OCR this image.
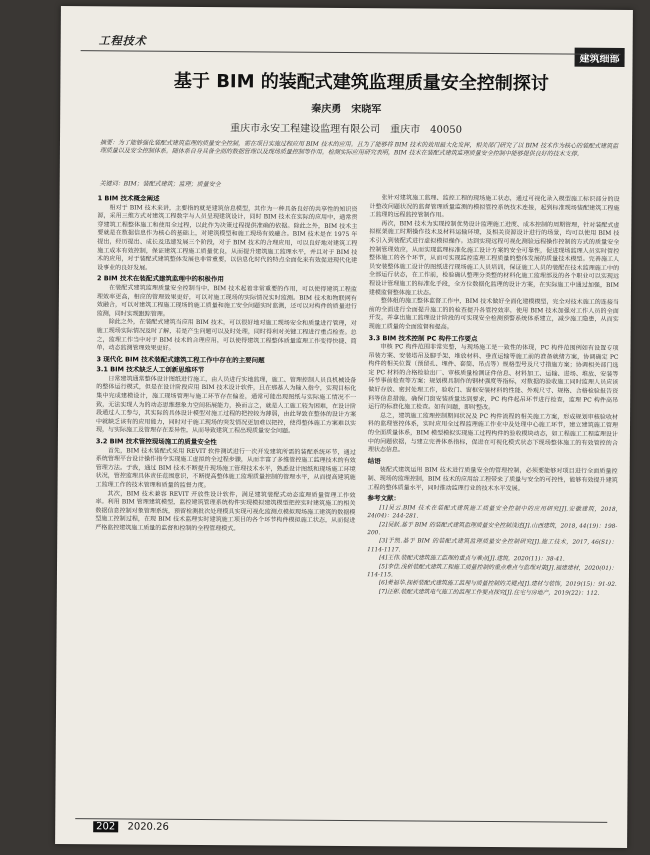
工程技术
建筑细部
基于 BIM 的装配式建筑监理质量安全控制探讨
秦庆勇　宋晓军
重庆市永安工程建设监理有限公司　重庆市　40050
摘要：为了能够强化装配式建筑监理的质量安全控制，需在项目实施过程应用 BIM 技术的应用。且为了能够将 BIM 技术的效用最大化发挥，相关部门研究了以 BIM 技术作为核心的装配式建筑监理质量以及安全控制体系。随体系自身具备全面的数据管理以及现场质量控制等作用。检测实际应用研究表明，BIM 技术在装配式建筑监理质量安全控制中能够提供良好的技术支撑。
关键词：BIM；装配式建筑；监理；质量安全
1 BIM 技术概念阐述

相对于 BIM 技术来讲，主要指的就是建筑信息模型，其作为一种具备良好的共享性的知识资源，采用三维方式对建筑工程数字与人员呈现建筑设计，同时 BIM 技术在实际的应用中，通常贯穿建筑工程整体施工和使用全过程，以此作为决策过程提供准确的依据。除此之外，BIM 技术主要就是在数据信息作为核心的基础上，对建筑模型和施工现场有效融合。BIM 技术是在 1975 年提出，经历提出、成长及迅速发展三个阶段，对于 BIM 技术的合理应用，可以良好地对建筑工程施工成本有效控制，保证建筑工程施工质量优良，从而提升建筑施工监理水平，并且对于 BIM 技术的应用，对于装配式建筑整体发展也非常重要，以信息化时代的特点全面化来有效促进现代化建设事业的良好发展。

2 BIM 技术在装配式建筑监理中的积极作用

在装配式建筑监理质量安全控制当中，BIM 技术起着非常重要的作用，可以使得建筑工程监理效率更高，相应的管理效果更好，可以对施工现场的实际情况实时监测。BIM 技术和物联网有效融合，可以对建筑工程施工现场的施工质量和施工安全问题实时监测，还可以对构件的质量进行监测，同时实现跟踪管理。

除此之外，在装配式建筑当应用 BIM 技术，可以很好地对施工现场安全和质量进行管理，对施工现场实际情况及时了解，若是产生问题可以及时处理，同时得利对关键工程进行重点检查。总之，监理工作当中对于 BIM 技术的合理应用，可以使得建筑工程整体质量监理工作变得快捷、简单，动态监测管理效果更好。

3 现代化 BIM 技术装配式建筑工程工作中存在的主要问题
3.1 BIM 技术缺乏人工创新思维环节

日常建筑通常整体设计图纸进行施工，由人员进行实地监理，施工、管理控制人员良机械设备的整体运行模式，但是在设计阶段应用 BIM 技术设计软件，且在那基人为输入指令，实现目标化集中完成建模设计，施工现场管理与施工环节存在偏差，通常可能出现图纸与实际施工情况不一致，无法实现人为的动态思维想象力空间拓展能力，换而言之，就是人工施工较为困难，在设计阶段通过人工参与，其实际的具体设计模型对施工过程的把控较为薄弱，由此导致在整体的设计方案中就缺乏该有的应用能力，同时对于施工现场的突发情况更加难以把控，使得整体施工方案难以实现，与实际施工及管理存在差异性，从而导致建筑工程出现质量安全问题。

3.2 BIM 技术管控现场施工的质量安全性

首先，BIM 技术装配式采用 REVIT 软件测试进行一次开发建筑所需的装配系统环节，通过系统管理平台设计操作指令实现施工虚拟的全过程步骤，从而丰富了多维管控施工监理技术的有效管理方法。于我，通过 BIM 技术不断提升现场施工管理技术水平，熟悉设计图纸和现场施工环境状况，管控监理具体责任范围意识，不断提高整体施工监理质量控制的管理水平，从而提高建筑施工监理工作的技术管理和质量的监督力度。

其次，BIM 技术兼容 REVIT 开放性设计软件，满足建筑装配式动态监理质量管理工作效率。利用 BIM 管理建筑模型，监控建筑管理系统构件实现模拟建筑模型把控实时建筑施工的相关数据信息控制对象管理系统，预留检测批次处理模具实现可视化监测点模拟现场施工建筑的数据模型施工控制过程，在现 BIM 技术监理实时建筑施工项目的各个环节构件模拟施工状态，从而促进严格监控建筑施工质量的监督和控制的全程管理模式。

张针对建筑施工监理、监控工程的现场施工状态，通过可视化录入模型施工标识部分的设计整改问题状况的监督管理质量监测的模拟管控系统技术连接，起到标准现场装配建筑工程施工监理的远程监控管制作用。

再次，BIM 技术为实现控制优势设计监理施工进度、成本控制的周期管理，针对装配式虚拟框架施工时期操作技术及材料运输环境，及相关资源设计进行的场景，均可以使用 BIM 技术引入到装配式进行虚拟模拟操作。达到实现远程可视化测验远程操作控制的方式的质量安全控制管理效应，从而实现监理标准化施工设计方案的安全可靠性，促进现场监理人员实时管控整体施工的各个环节，从而可实现监控监理工程质量的整体发展的质量技术模型。完善施工人员安装整体施工设计的图纸进行现场施工人员培训，保证施工人员的装配在技术监理施工中的全部运行状态，在工作前，检验确认整理分类整的材料化施工监理部及的各个职业可以实现远程设计管理施工的标准化手段，全方位数据化监理的设计方案，在实际施工中通过加强，BIM 建模监督整体施工状态。

整体组的施工整体监督工作中，BIM 技术做好全面化建模模型，完全对技术施工的连接当前的全面进行全面提升施工的的检查提升各管控效率，使用 BIM 技术加强对工作人员的全面开发，并拿出施工监理设计阶段的可实现安全检测预警系统体系建立，减少施工隐患，从而实现施工质量的全面监督和提高。

3.3 BIM 技术控制 PC 构件工作要点

审核 PC 构件范围非常完整，与现场施工是一致性的体现，PC 构件范围例如有设置专项吊装方案、安装塔吊及脚手架、堆放材料、垂直运输等施工前的准备就绪方案，协调确定 PC 构件的相关位置（预留孔、埋件、套筒、吊点等）规格型号及尺寸措施方案；协调相关部门选定 PC 材料的合格检验出厂、审核质量检测证件信息、材料加工、运输、进场、堆放、安装等环节事前检查等方案；规划模具制作的钢材强度等指标，对数据的验收施工同时监理人员应该做好存放、密封处理工作，验收门、窗框安装材料的性能、外观尺寸、规格、合格检验报告资料等信息措施，确保门窗安装质量达到要求，PC 构件起吊环节进行检查，监理 PC 构件高吊运行的标准化施工检查。如有问题，即时整改。

总之，建筑施工监理控制期间状况及 PC 构件流程的相关施工方案，形成规划审核验收材料的监理管控体系，实时应用全过程监理施工作业中及处理中心施工环节，建立建筑施工管理的全面质量体系，BIM 模型模拟实现施工过程构件的验收模块动态，如工程施工工程监理设计中的问题依据，与建立完善体系指标，促进在可视化模式状态下现场整体施工的有效管控的合理状态信息。

结语

装配式建筑运用 BIM 技术进行质量安全的管理控制，必须要能够对项目进行全面质量控制、现场的监理控制，BIM 技术的应用给工程带来了质量与安全的可控性，能够有效提升建筑工程的整体质量水平，同时推动监理行业的技术水平发展。

参考文献：

[1]吴云.BIM 技术在装配式建筑施工质量安全控制中的应用研究[J].安徽建筑，2018, 24(04)：244-281.

[2]吴跃.基于 BIM 的装配式建筑监理质量安全控制浅述[J].山西建筑，2018, 44(19)：198-200.

[3]于凯.基于 BIM 的装配式建筑监理质量安全控制研究[J].施工技术，2017, 46(S1)：1114-1117.

[4]王伟.装配式建筑施工监理的重点与难点[J].建筑，2020(11)：38-41.

[5]李佳.浅析装配式建筑工程施工质量控制的重点难点与监理对策[J].福建建材，2020(01)：114-115.

[6]姜福华.探析装配式建筑施工监理与质量控制的关键点[J].建材与装饰，2019(15)：91-92.

[7]汪彬.装配式建筑电气施工的监理工作要点探究[J].住宅与房地产，2019(22)：112.

202 2020.26
